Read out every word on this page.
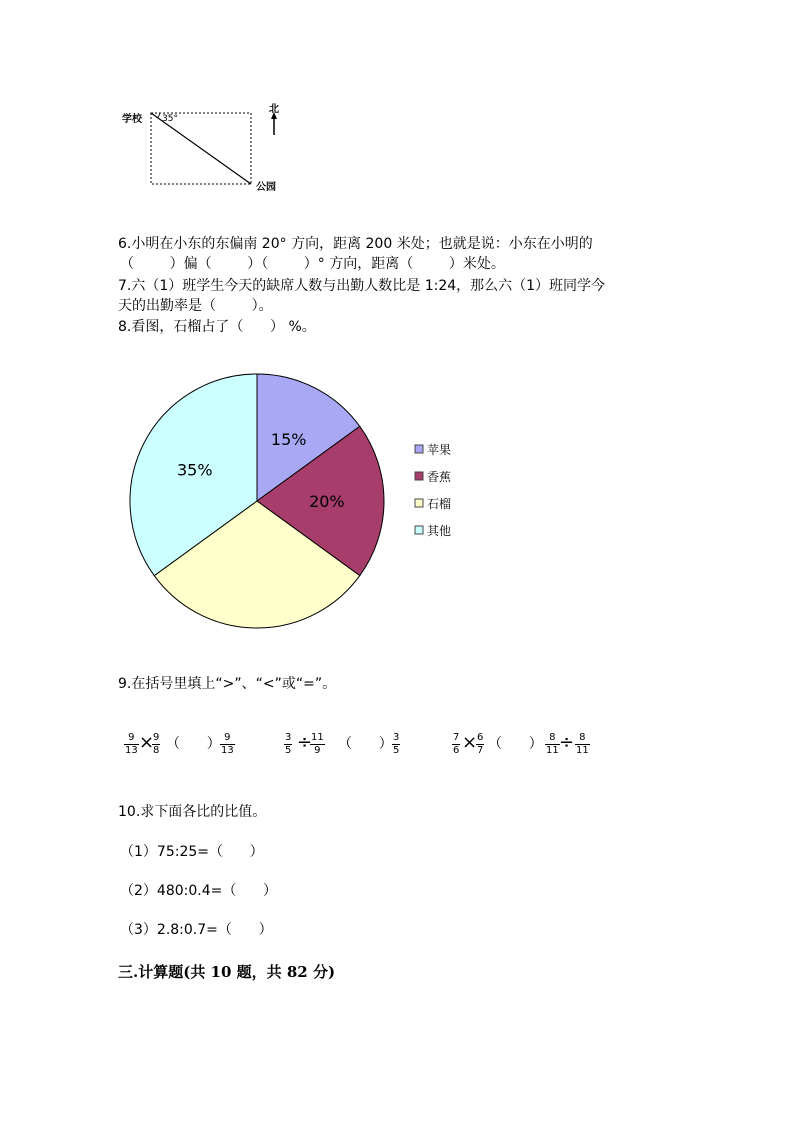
学校 35°
公园
北
6.小明在小东的东偏南 20° 方向，距离 200 米处；也就是说：小东在小明的
（        ）偏（        ）（        ）° 方向，距离（        ）米处。
7.六（1）班学生今天的缺席人数与出勤人数比是 1:24，那么六（1）班同学今
天的出勤率是（        ）。
8.看图，石榴占了（      ） %。
15%
20%
35%
苹果
香蕉
石榴
其他
9.在括号里填上“>”、“<”或“=”。
$\frac{9}{13}$ ×
$\frac{9}{8}$ （      ） $\frac{9}{13}$	$\frac{3}{5}$ ÷
$\frac{11}{9}$ （      ） $\frac{3}{5}$	$\frac{7}{6}$ ×
$\frac{6}{7}$ （      ） $\frac{8}{11} \div \frac{8}{11}$
10.求下面各比的比值。
（1）75:25=（      ）
（2）480:0.4=（      ）
（3）2.8:0.7=（      ）
三.计算题(共 10 题，共 82 分)
